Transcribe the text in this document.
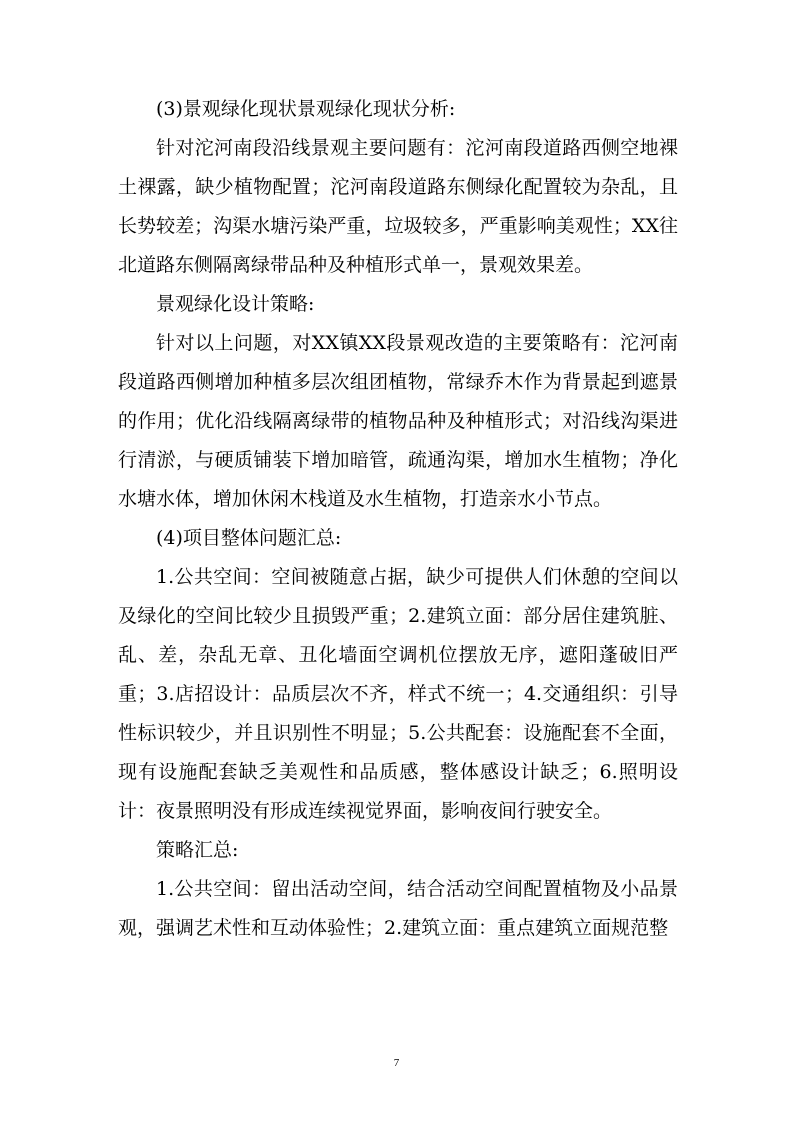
(3)景观绿化现状景观绿化现状分析:

针对沱河南段沿线景观主要问题有：沱河南段道路西侧空地裸土裸露，缺少植物配置；沱河南段道路东侧绿化配置较为杂乱，且长势较差；沟渠水塘污染严重，垃圾较多，严重影响美观性；XX往北道路东侧隔离绿带品种及种植形式单一，景观效果差。

景观绿化设计策略:

针对以上问题，对XX镇XX段景观改造的主要策略有：沱河南段道路西侧增加种植多层次组团植物，常绿乔木作为背景起到遮景的作用；优化沿线隔离绿带的植物品种及种植形式；对沿线沟渠进行清淤，与硬质铺装下增加暗管，疏通沟渠，增加水生植物；净化水塘水体，增加休闲木栈道及水生植物，打造亲水小节点。

(4)项目整体问题汇总:

1.公共空间：空间被随意占据，缺少可提供人们休憩的空间以及绿化的空间比较少且损毁严重；2.建筑立面：部分居住建筑脏、乱、差，杂乱无章、丑化墙面空调机位摆放无序，遮阳蓬破旧严重；3.店招设计：品质层次不齐，样式不统一；4.交通组织：引导性标识较少，并且识别性不明显；5.公共配套：设施配套不全面，现有设施配套缺乏美观性和品质感，整体感设计缺乏；6.照明设计：夜景照明没有形成连续视觉界面，影响夜间行驶安全。

策略汇总:

1.公共空间：留出活动空间，结合活动空间配置植物及小品景观，强调艺术性和互动体验性；2.建筑立面：重点建筑立面规范整

7
